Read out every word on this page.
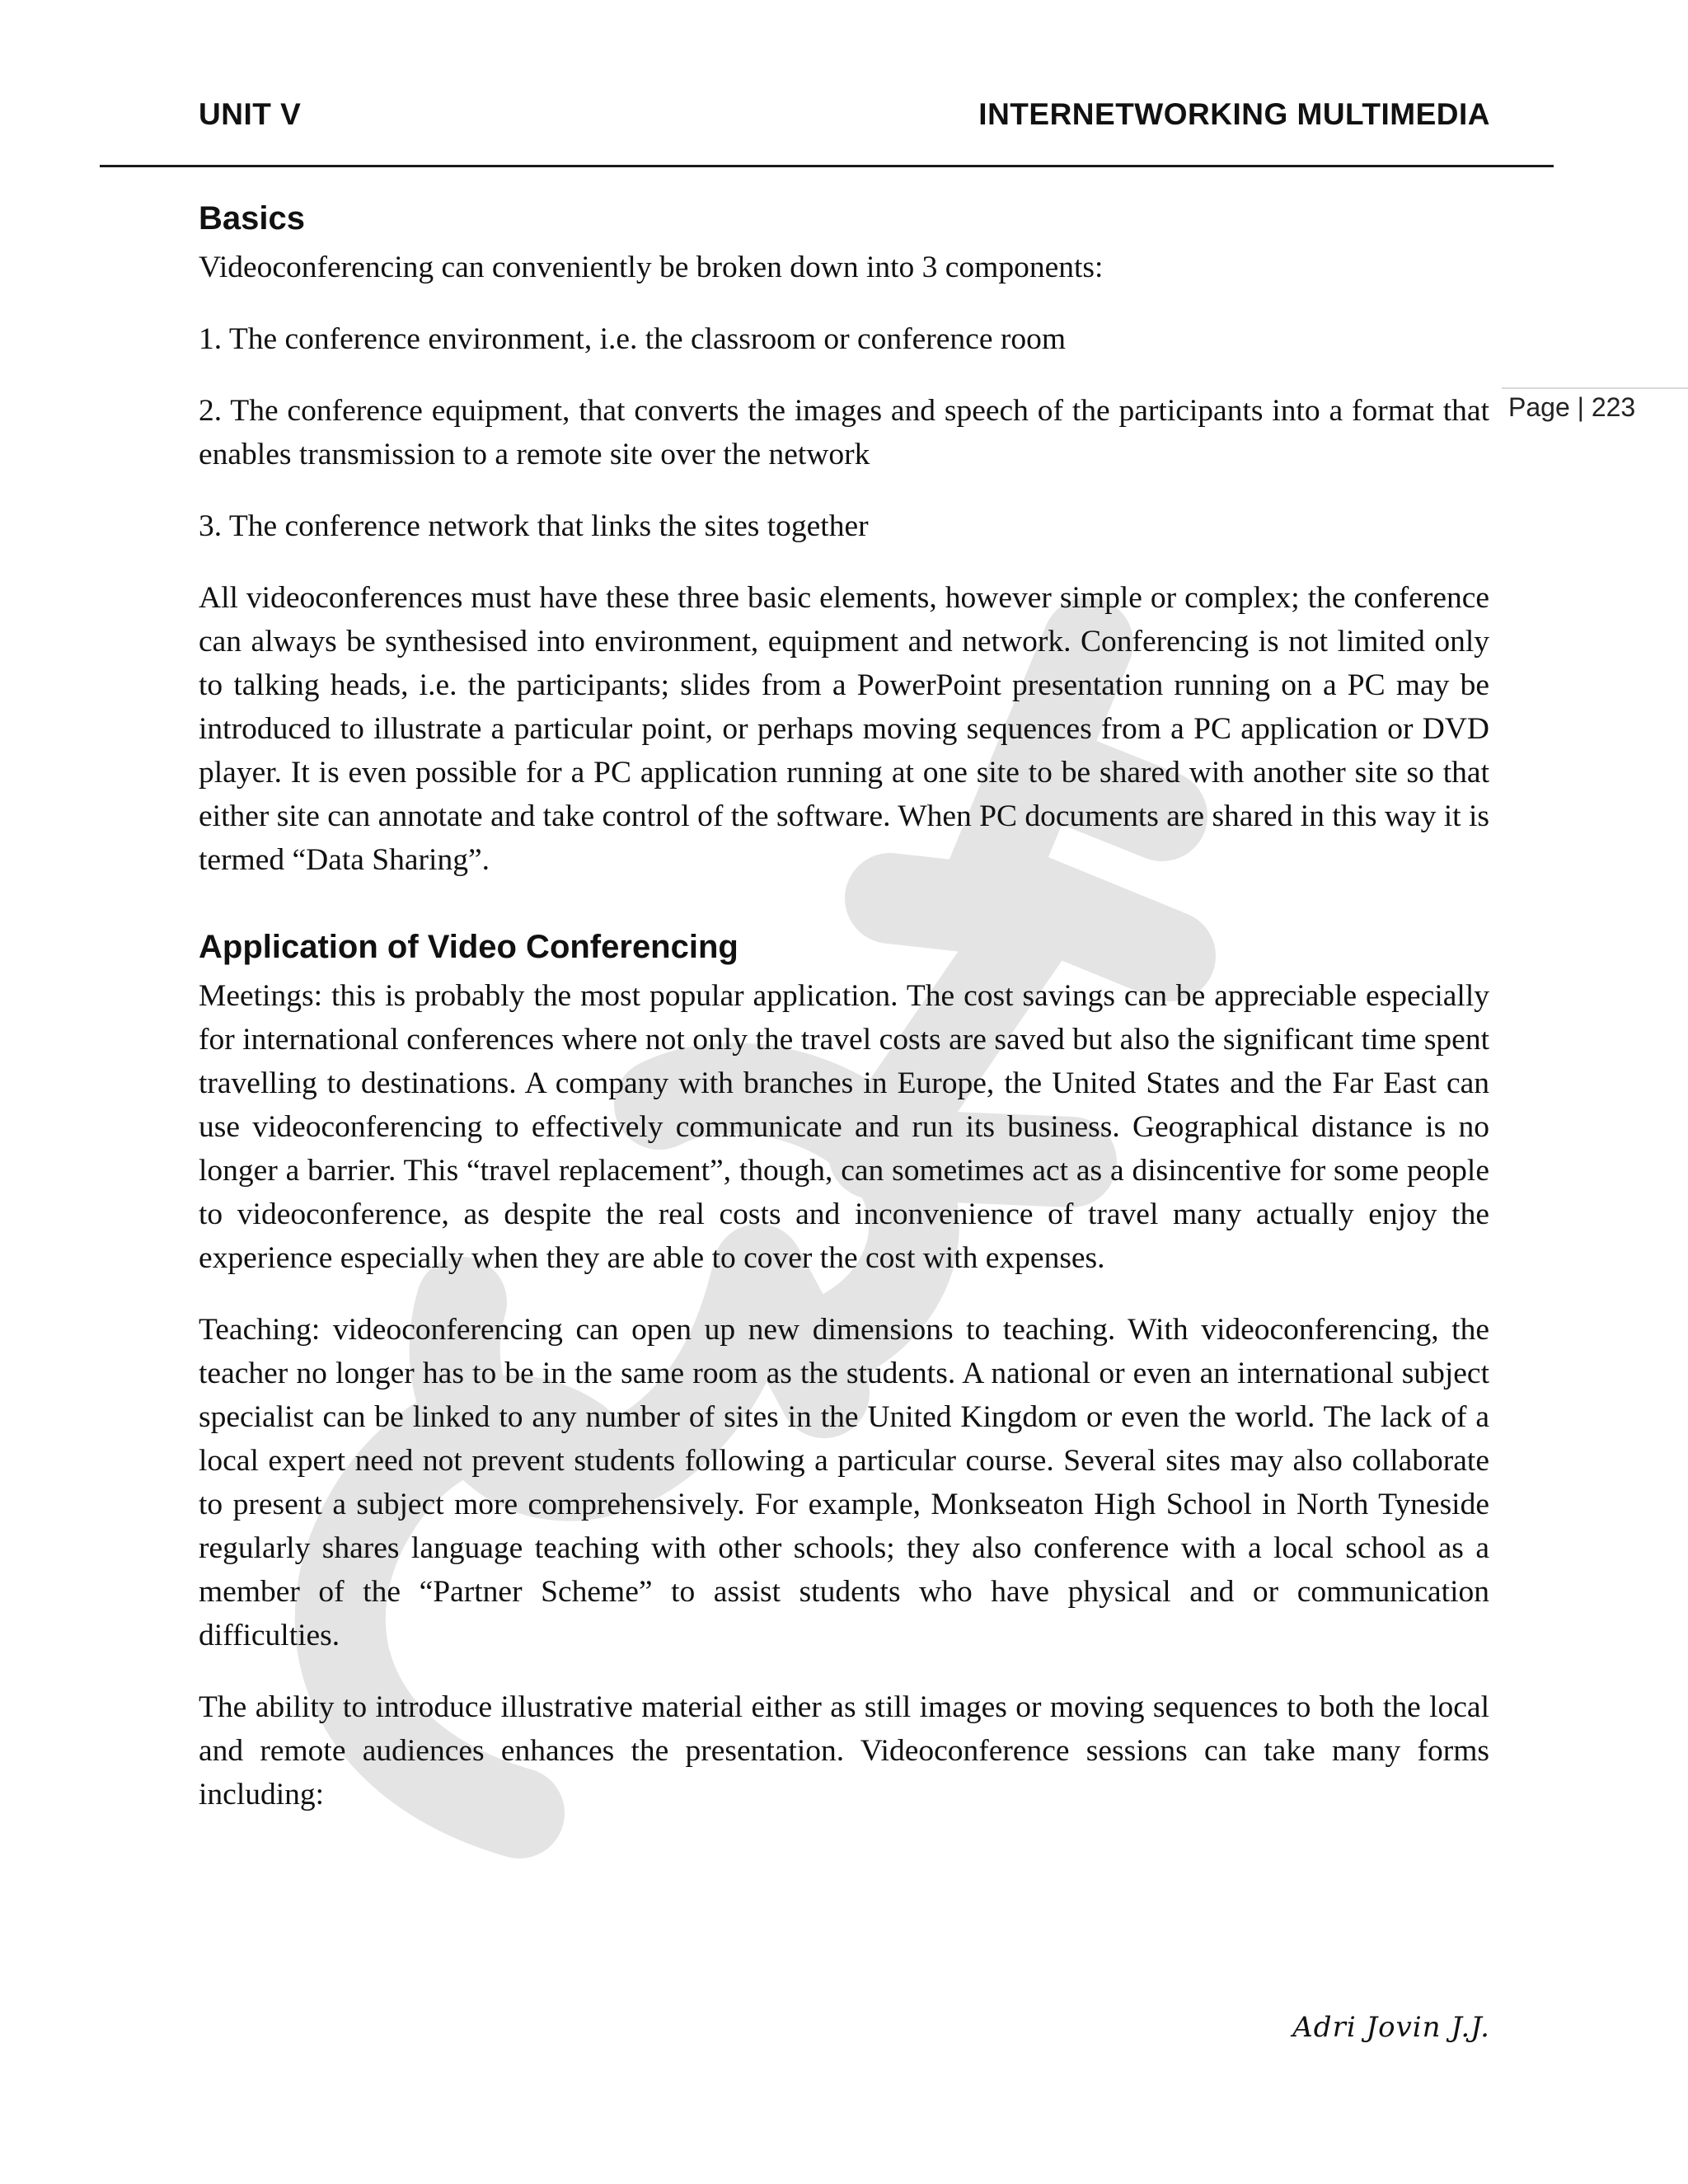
UNIT V	INTERNETWORKING MULTIMEDIA
Page | 223
Basics

Videoconferencing can conveniently be broken down into 3 components:

1. The conference environment, i.e. the classroom or conference room

2. The conference equipment, that converts the images and speech of the participants into a format that enables transmission to a remote site over the network

3. The conference network that links the sites together

All videoconferences must have these three basic elements, however simple or complex; the conference can always be synthesised into environment, equipment and network. Conferencing is not limited only to talking heads, i.e. the participants; slides from a PowerPoint presentation running on a PC may be introduced to illustrate a particular point, or perhaps moving sequences from a PC application or DVD player. It is even possible for a PC application running at one site to be shared with another site so that either site can annotate and take control of the software. When PC documents are shared in this way it is termed “Data Sharing”.

Application of Video Conferencing

Meetings: this is probably the most popular application. The cost savings can be appreciable especially for international conferences where not only the travel costs are saved but also the significant time spent travelling to destinations. A company with branches in Europe, the United States and the Far East can use videoconferencing to effectively communicate and run its business. Geographical distance is no longer a barrier. This “travel replacement”, though, can sometimes act as a disincentive for some people to videoconference, as despite the real costs and inconvenience of travel many actually enjoy the experience especially when they are able to cover the cost with expenses.

Teaching: videoconferencing can open up new dimensions to teaching. With videoconferencing, the teacher no longer has to be in the same room as the students. A national or even an international subject specialist can be linked to any number of sites in the United Kingdom or even the world. The lack of a local expert need not prevent students following a particular course. Several sites may also collaborate to present a subject more comprehensively. For example, Monkseaton High School in North Tyneside regularly shares language teaching with other schools; they also conference with a local school as a member of the “Partner Scheme” to assist students who have physical and or communication difficulties.

The ability to introduce illustrative material either as still images or moving sequences to both the local and remote audiences enhances the presentation. Videoconference sessions can take many forms including:

Adri Jovin J.J.
